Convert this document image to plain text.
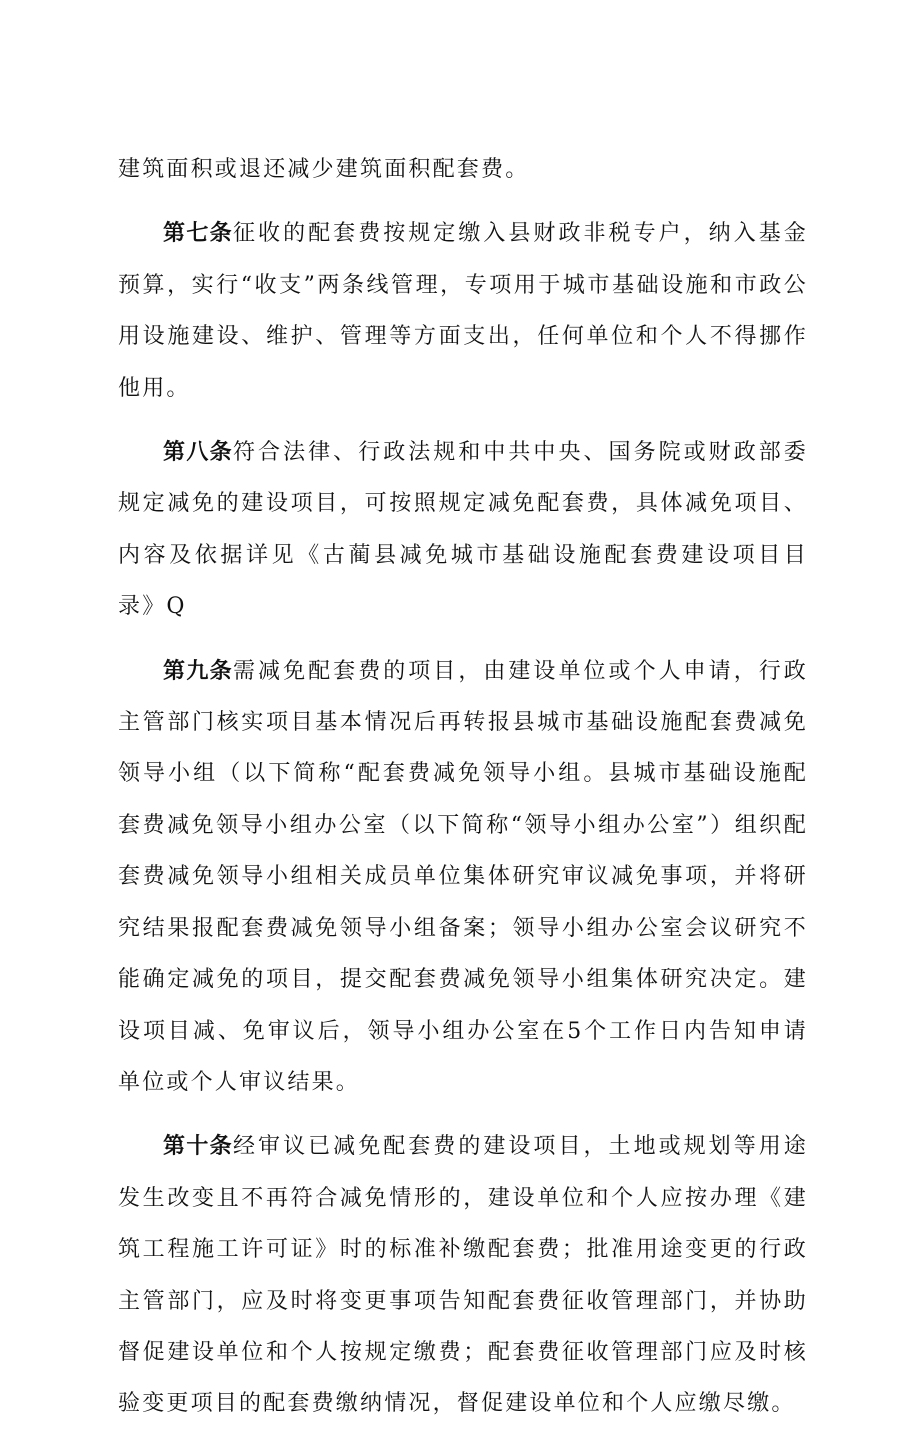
建筑面积或退还减少建筑面积配套费。

第七条征收的配套费按规定缴入县财政非税专户，纳入基金预算，实行“收支”两条线管理，专项用于城市基础设施和市政公用设施建设、维护、管理等方面支出，任何单位和个人不得挪作他用。

第八条符合法律、行政法规和中共中央、国务院或财政部委规定减免的建设项目，可按照规定减免配套费，具体减免项目、内容及依据详见《古蔺县减免城市基础设施配套费建设项目目录》Q

第九条需减免配套费的项目，由建设单位或个人申请，行政主管部门核实项目基本情况后再转报县城市基础设施配套费减免领导小组（以下简称“配套费减免领导小组。县城市基础设施配套费减免领导小组办公室（以下简称“领导小组办公室”）组织配套费减免领导小组相关成员单位集体研究审议减免事项，并将研究结果报配套费减免领导小组备案；领导小组办公室会议研究不能确定减免的项目，提交配套费减免领导小组集体研究决定。建设项目减、免审议后，领导小组办公室在5个工作日内告知申请单位或个人审议结果。

第十条经审议已减免配套费的建设项目，土地或规划等用途发生改变且不再符合减免情形的，建设单位和个人应按办理《建筑工程施工许可证》时的标准补缴配套费；批准用途变更的行政主管部门，应及时将变更事项告知配套费征收管理部门，并协助督促建设单位和个人按规定缴费；配套费征收管理部门应及时核验变更项目的配套费缴纳情况，督促建设单位和个人应缴尽缴。
